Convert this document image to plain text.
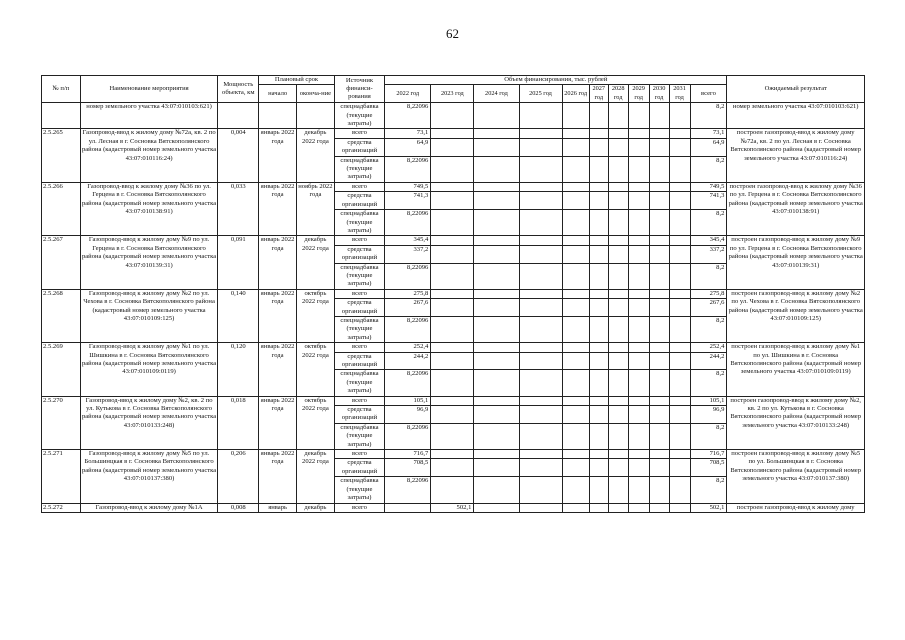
62
№ п/п	Наименование мероприятия	Мощность объекта, км	Плановый срок		Источник финанси-рования	Объем финансирования, тыс. рублей											Ожидаемый результат
			начало	оконча-ние		2022 год	2023 год	2024 год	2025 год	2026 год	2027 год	2028 год	2029 год	2030 год	2031 год	всего	
	номер земельного участка 43:07:010103:621)				спецнадбавка (текущие затраты)	8,22096										8,2	номер земельного участка 43:07:010103:621)
2.5.265	Газопровод-ввод к жилому дому №72а, кв. 2 по ул. Лесная в г. Сосновка Вятскополянского района (кадастровый номер земельного участка 43:07:010116:24)	0,004	январь 2022 года	декабрь 2022 года	всего	73,1										73,1	построен газопровод-ввод к жилому дому №72а, кв. 2 по ул. Лесная в г. Сосновка Вятскополянского района (кадастровый номер земельного участка 43:07:010116:24)
					средства организаций	64,9										64,9	
					спецнадбавка (текущие затраты)	8,22096										8,2	
2.5.266	Газопровод-ввод к жилому дому №36 по ул. Герцена в г. Сосновка Вятскополянского района (кадастровый номер земельного участка 43:07:010138:91)	0,033	январь 2022 года	ноябрь 2022 года	всего	749,5										749,5	построен газопровод-ввод к жилому дому №36 по ул. Герцена в г. Сосновка Вятскополянского района (кадастровый номер земельного участка 43:07:010138:91)
					средства организаций	741,3										741,3	
					спецнадбавка (текущие затраты)	8,22096										8,2	
2.5.267	Газопровод-ввод к жилому дому №9 по ул. Герцена в г. Сосновка Вятскополянского района (кадастровый номер земельного участка 43:07:010139:31)	0,091	январь 2022 года	декабрь 2022 года	всего	345,4										345,4	построен газопровод-ввод к жилому дому №9 по ул. Герцена в г. Сосновка Вятскополянского района (кадастровый номер земельного участка 43:07:010139:31)
					средства организаций	337,2										337,2	
					спецнадбавка (текущие затраты)	8,22096										8,2	
2.5.268	Газопровод-ввод к жилому дому №2 по ул. Чехова в г. Сосновка Вятскополянского района (кадастровый номер земельного участка 43:07:010109:125)	0,140	январь 2022 года	октябрь 2022 года	всего	275,8										275,8	построен газопровод-ввод к жилому дому №2 по ул. Чехова в г. Сосновка Вятскополянского района (кадастровый номер земельного участка 43:07:010109:125)
					средства организаций	267,6										267,6	
					спецнадбавка (текущие затраты)	8,22096										8,2	
2.5.269	Газопровод-ввод к жилому дому №1 по ул. Шишкина в г. Сосновка Вятскополянского района (кадастровый номер земельного участка 43:07:010109:0119)	0,120	январь 2022 года	октябрь 2022 года	всего	252,4										252,4	построен газопровод-ввод к жилому дому №1 по ул. Шишкина в г. Сосновка Вятскополянского района (кадастровый номер земельного участка 43:07:010109:0119)
					средства организаций	244,2										244,2	
					спецнадбавка (текущие затраты)	8,22096										8,2	
2.5.270	Газопровод-ввод к жилому дому №2, кв. 2 по ул. Кутькова в г. Сосновка Вятскополянского района (кадастровый номер земельного участка 43:07:010133:248)	0,018	январь 2022 года	октябрь 2022 года	всего	105,1										105,1	построен газопровод-ввод к жилому дому №2, кв. 2 по ул. Кутькова в г. Сосновка Вятскополянского района (кадастровый номер земельного участка 43:07:010133:248)
					средства организаций	96,9										96,9	
					спецнадбавка (текущие затраты)	8,22096										8,2	
2.5.271	Газопровод-ввод к жилому дому №5 по ул. Большинцкая в г. Сосновка Вятскополянского района (кадастровый номер земельного участка 43:07:010137:380)	0,206	январь 2022 года	декабрь 2022 года	всего	716,7										716,7	построен газопровод-ввод к жилому дому №5 по ул. Большинцкая в г. Сосновка Вятскополянского района (кадастровый номер земельного участка 43:07:010137:380)
					средства организаций	708,5										708,5	
					спецнадбавка (текущие затраты)	8,22096										8,2	
2.5.272	Газопровод-ввод к жилому дому №1А	0,008	январь	декабрь	всего		502,1									502,1	построен газопровод-ввод к жилому дому
